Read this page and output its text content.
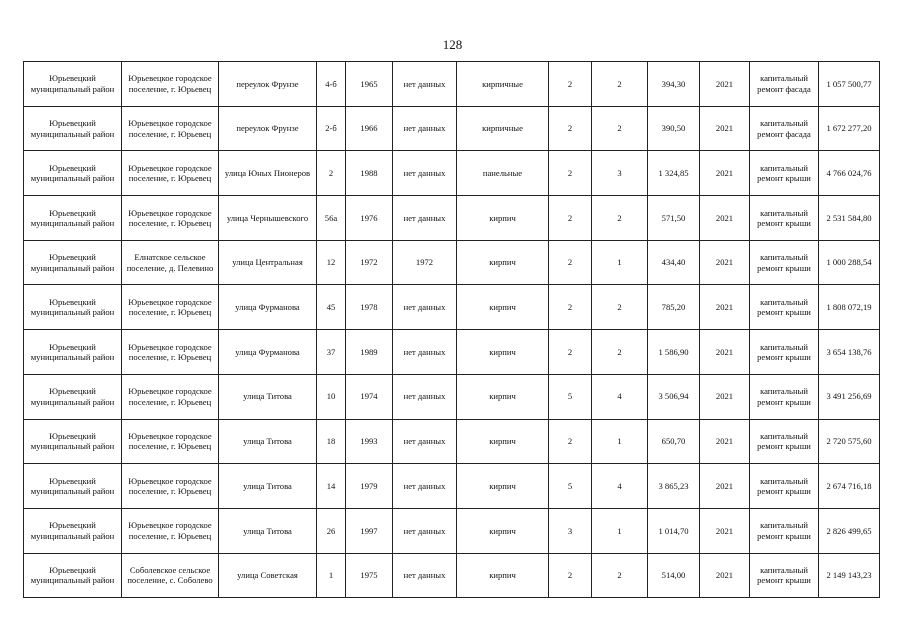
128
Юрьевецкий муниципальный район	Юрьевецкое городское поселение, г. Юрьевец	переулок Фрунзе	4-б	1965	нет данных	кирпичные	2	2	394,30	2021	капитальный ремонт фасада	1 057 500,77
Юрьевецкий муниципальный район	Юрьевецкое городское поселение, г. Юрьевец	переулок Фрунзе	2-б	1966	нет данных	кирпичные	2	2	390,50	2021	капитальный ремонт фасада	1 672 277,20
Юрьевецкий муниципальный район	Юрьевецкое городское поселение, г. Юрьевец	улица Юных Пионеров	2	1988	нет данных	панельные	2	3	1 324,85	2021	капитальный ремонт крыши	4 766 024,76
Юрьевецкий муниципальный район	Юрьевецкое городское поселение, г. Юрьевец	улица Чернышевского	56а	1976	нет данных	кирпич	2	2	571,50	2021	капитальный ремонт крыши	2 531 584,80
Юрьевецкий муниципальный район	Елнатское сельское поселение, д. Пелевино	улица Центральная	12	1972	1972	кирпич	2	1	434,40	2021	капитальный ремонт крыши	1 000 288,54
Юрьевецкий муниципальный район	Юрьевецкое городское поселение, г. Юрьевец	улица Фурманова	45	1978	нет данных	кирпич	2	2	785,20	2021	капитальный ремонт крыши	1 808 072,19
Юрьевецкий муниципальный район	Юрьевецкое городское поселение, г. Юрьевец	улица Фурманова	37	1989	нет данных	кирпич	2	2	1 586,90	2021	капитальный ремонт крыши	3 654 138,76
Юрьевецкий муниципальный район	Юрьевецкое городское поселение, г. Юрьевец	улица Титова	10	1974	нет данных	кирпич	5	4	3 506,94	2021	капитальный ремонт крыши	3 491 256,69
Юрьевецкий муниципальный район	Юрьевецкое городское поселение, г. Юрьевец	улица Титова	18	1993	нет данных	кирпич	2	1	650,70	2021	капитальный ремонт крыши	2 720 575,60
Юрьевецкий муниципальный район	Юрьевецкое городское поселение, г. Юрьевец	улица Титова	14	1979	нет данных	кирпич	5	4	3 865,23	2021	капитальный ремонт крыши	2 674 716,18
Юрьевецкий муниципальный район	Юрьевецкое городское поселение, г. Юрьевец	улица Титова	26	1997	нет данных	кирпич	3	1	1 014,70	2021	капитальный ремонт крыши	2 826 499,65
Юрьевецкий муниципальный район	Соболевское сельское поселение, с. Соболево	улица Советская	1	1975	нет данных	кирпич	2	2	514,00	2021	капитальный ремонт крыши	2 149 143,23
